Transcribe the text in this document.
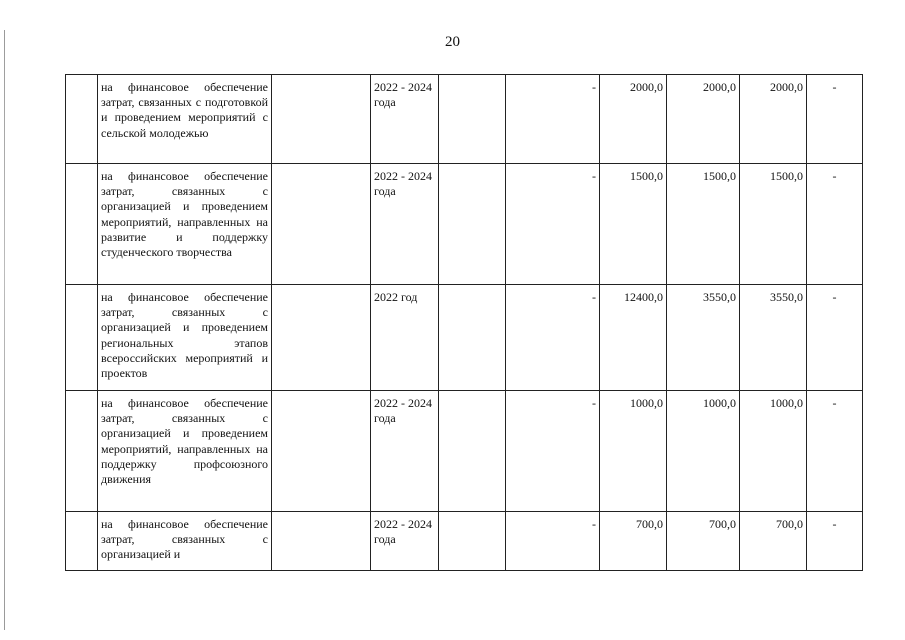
20
	на финансовое обеспечение затрат, связанных с подготовкой и проведением мероприятий с сельской молодежью		2022 - 2024 года		-	2000,0	2000,0	2000,0	-
	на финансовое обеспечение затрат, связанных с организацией и проведением мероприятий, направленных на развитие и поддержку студенческого творчества		2022 - 2024 года		-	1500,0	1500,0	1500,0	-
	на финансовое обеспечение затрат, связанных с организацией и проведением региональных этапов всероссийских мероприятий и проектов		2022 год		-	12400,0	3550,0	3550,0	-
	на финансовое обеспечение затрат, связанных с организацией и проведением мероприятий, направленных на поддержку профсоюзного движения		2022 - 2024 года		-	1000,0	1000,0	1000,0	-
	на финансовое обеспечение затрат, связанных с организацией и		2022 - 2024 года		-	700,0	700,0	700,0	-
